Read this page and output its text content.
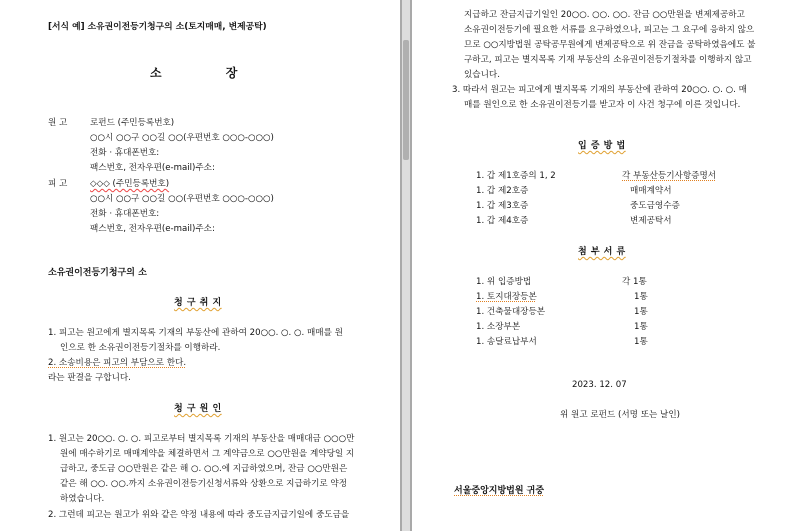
[서식 예] 소유권이전등기청구의 소(토지매매, 변제공탁)
소 장
원 고	로펀드 (주민등록번호)
○○시 ○○구 ○○길 ○○(우편번호 ○○○-○○○)
전화 · 휴대폰번호:
팩스번호, 전자우편(e-mail)주소:
피 고	◇◇◇ (주민등록번호)
○○시 ○○구 ○○길 ○○(우편번호 ○○○-○○○)
전화 · 휴대폰번호:
팩스번호, 전자우편(e-mail)주소:
소유권이전등기청구의 소
청 구 취 지
1. 피고는 원고에게 별지목록 기재의 부동산에 관하여 20○○. ○. ○. 매매를 원
인으로 한 소유권이전등기절차를 이행하라.
2. 소송비용은 피고의 부담으로 한다.
라는 판결을 구합니다.
청 구 원 인
1. 원고는 20○○. ○. ○. 피고로부터 별지목록 기재의 부동산을 매매대금 ○○○만
원에 매수하기로 매매계약을 체결하면서 그 계약금으로 ○○만원을 계약당일 지
급하고, 중도금 ○○만원은 같은 해 ○. ○○.에 지급하였으며, 잔금 ○○만원은
같은 해 ○○. ○○.까지 소유권이전등기신청서류와 상환으로 지급하기로 약정
하였습니다.
2. 그런데 피고는 원고가 위와 같은 약정 내용에 따라 중도금지급기일에 중도금을
지급하고 잔금지급기일인 20○○. ○○. ○○. 잔금 ○○만원을 변제제공하고
소유권이전등기에 필요한 서류를 요구하였으나, 피고는 그 요구에 응하지 않으
므로 ○○지방법원 공탁공무원에게 변제공탁으로 위 잔금을 공탁하였음에도 불
구하고, 피고는 별지목록 기재 부동산의 소유권이전등기절차를 이행하지 않고
있습니다.
3. 따라서 원고는 피고에게 별지목록 기재의 부동산에 관하여 20○○. ○. ○. 매
매를 원인으로 한 소유권이전등기를 받고자 이 사건 청구에 이른 것입니다.
입 증 방 법
1. 갑 제1호증의 1, 2	각 부동산등기사항증명서
1. 갑 제2호증	매매계약서
1. 갑 제3호증	중도금영수증
1. 갑 제4호증	변제공탁서
첨 부 서 류
1. 위 입증방법	각 1통
1. 토지대장등본	1통
1. 건축물대장등본	1통
1. 소장부본	1통
1. 송달료납부서	1통
2023. 12. 07
위 원고 로펀드 (서명 또는 날인)
서울중앙지방법원 귀중
